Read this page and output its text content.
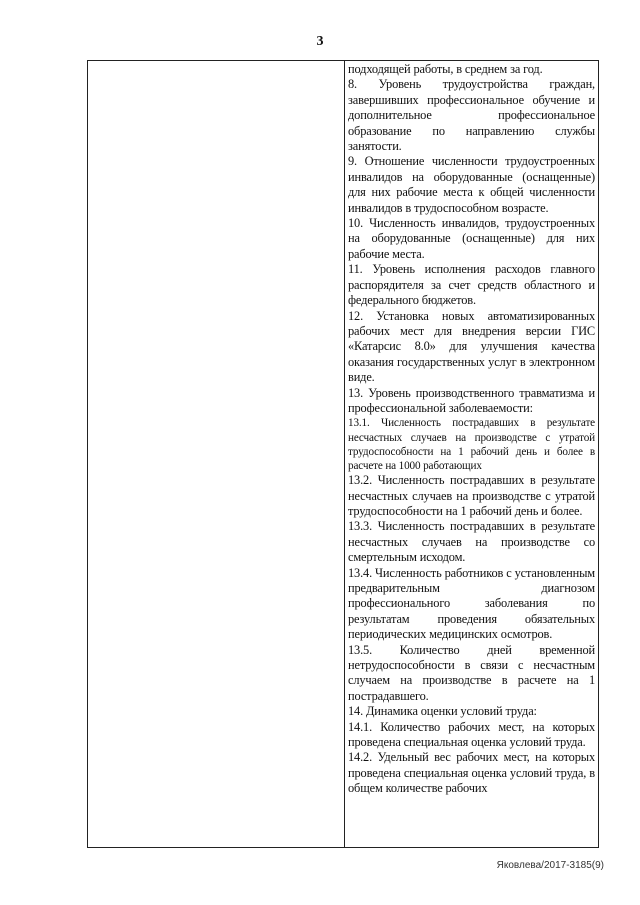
3

подходящей работы, в среднем за год.

8. Уровень трудоустройства граждан, завершивших профессиональное обучение и дополнительное профессиональное образование по направлению службы занятости.

9. Отношение численности трудоустроенных инвалидов на оборудованные (оснащенные) для них рабочие места к общей численности инвалидов в трудоспособном возрасте.

10. Численность инвалидов, трудоустроенных на оборудованные (оснащенные) для них рабочие места.

11. Уровень исполнения расходов главного распорядителя за счет средств областного и федерального бюджетов.

12. Установка новых автоматизированных рабочих мест для внедрения версии ГИС «Катарсис 8.0» для улучшения качества оказания государственных услуг в электронном виде.

13. Уровень производственного травматизма и профессиональной заболеваемости:

13.1. Численность пострадавших в результате несчастных случаев на производстве с утратой трудоспособности на 1 рабочий день и более в расчете на 1000 работающих

13.2. Численность пострадавших в результате несчастных случаев на производстве с утратой трудоспособности на 1 рабочий день и более.

13.3. Численность пострадавших в результате несчастных случаев на производстве со смертельным исходом.

13.4. Численность работников с установленным предварительным диагнозом профессионального заболевания по результатам проведения обязательных периодических медицинских осмотров.

13.5. Количество дней временной нетрудоспособности в связи с несчастным случаем на производстве в расчете на 1 пострадавшего.

14. Динамика оценки условий труда:

14.1. Количество рабочих мест, на которых проведена специальная оценка условий труда.

14.2. Удельный вес рабочих мест, на которых проведена специальная оценка условий труда, в общем количестве рабочих

Яковлева/2017-3185(9)
